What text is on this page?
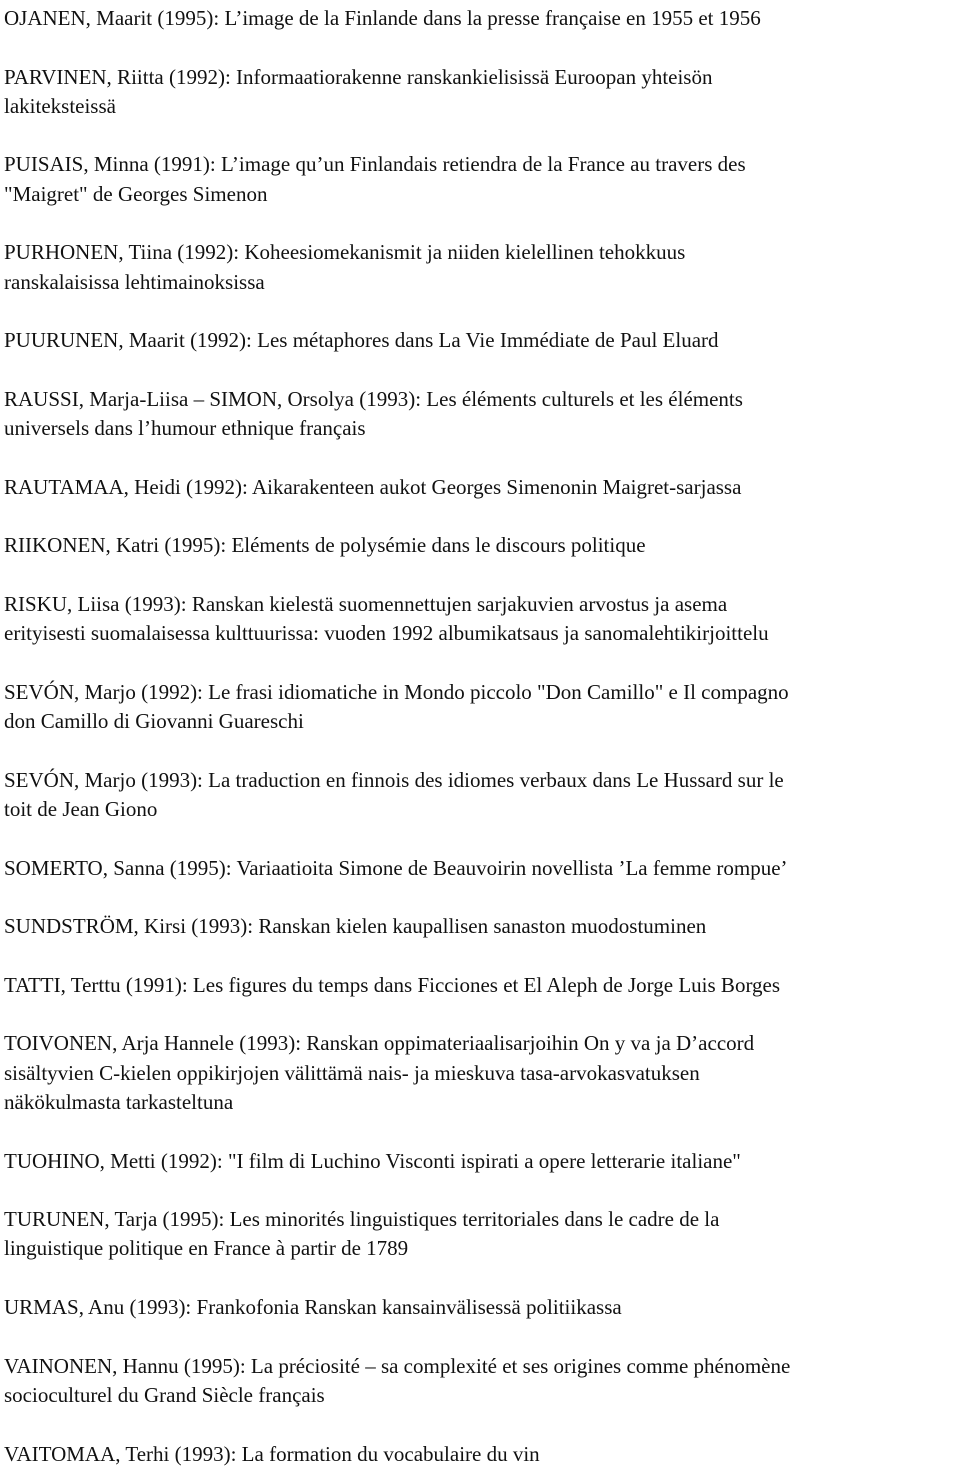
OJANEN, Maarit (1995): L’image de la Finlande dans la presse française en 1955 et 1956
PARVINEN, Riitta (1992): Informaatiorakenne ranskankielisissä Euroopan yhteisön
lakiteksteissä
PUISAIS, Minna (1991): L’image qu’un Finlandais retiendra de la France au travers des
"Maigret" de Georges Simenon
PURHONEN, Tiina (1992): Koheesiomekanismit ja niiden kielellinen tehokkuus
ranskalaisissa lehtimainoksissa
PUURUNEN, Maarit (1992): Les métaphores dans La Vie Immédiate de Paul Eluard
RAUSSI, Marja-Liisa – SIMON, Orsolya (1993): Les éléments culturels et les éléments
universels dans l’humour ethnique français
RAUTAMAA, Heidi (1992): Aikarakenteen aukot Georges Simenonin Maigret-sarjassa
RIIKONEN, Katri (1995): Eléments de polysémie dans le discours politique
RISKU, Liisa (1993): Ranskan kielestä suomennettujen sarjakuvien arvostus ja asema
erityisesti suomalaisessa kulttuurissa: vuoden 1992 albumikatsaus ja sanomalehtikirjoittelu
SEVÓN, Marjo (1992): Le frasi idiomatiche in Mondo piccolo "Don Camillo" e Il compagno
don Camillo di Giovanni Guareschi
SEVÓN, Marjo (1993): La traduction en finnois des idiomes verbaux dans Le Hussard sur le
toit de Jean Giono
SOMERTO, Sanna (1995): Variaatioita Simone de Beauvoirin novellista ’La femme rompue’
SUNDSTRÖM, Kirsi (1993): Ranskan kielen kaupallisen sanaston muodostuminen
TATTI, Terttu (1991): Les figures du temps dans Ficciones et El Aleph de Jorge Luis Borges
TOIVONEN, Arja Hannele (1993): Ranskan oppimateriaalisarjoihin On y va ja D’accord
sisältyvien C-kielen oppikirjojen välittämä nais- ja mieskuva tasa-arvokasvatuksen
näkökulmasta tarkasteltuna
TUOHINO, Metti (1992): "I film di Luchino Visconti ispirati a opere letterarie italiane"
TURUNEN, Tarja (1995): Les minorités linguistiques territoriales dans le cadre de la
linguistique politique en France à partir de 1789
URMAS, Anu (1993): Frankofonia Ranskan kansainvälisessä politiikassa
VAINONEN, Hannu (1995): La préciosité – sa complexité et ses origines comme phénomène
socioculturel du Grand Siècle français
VAITOMAA, Terhi (1993): La formation du vocabulaire du vin
